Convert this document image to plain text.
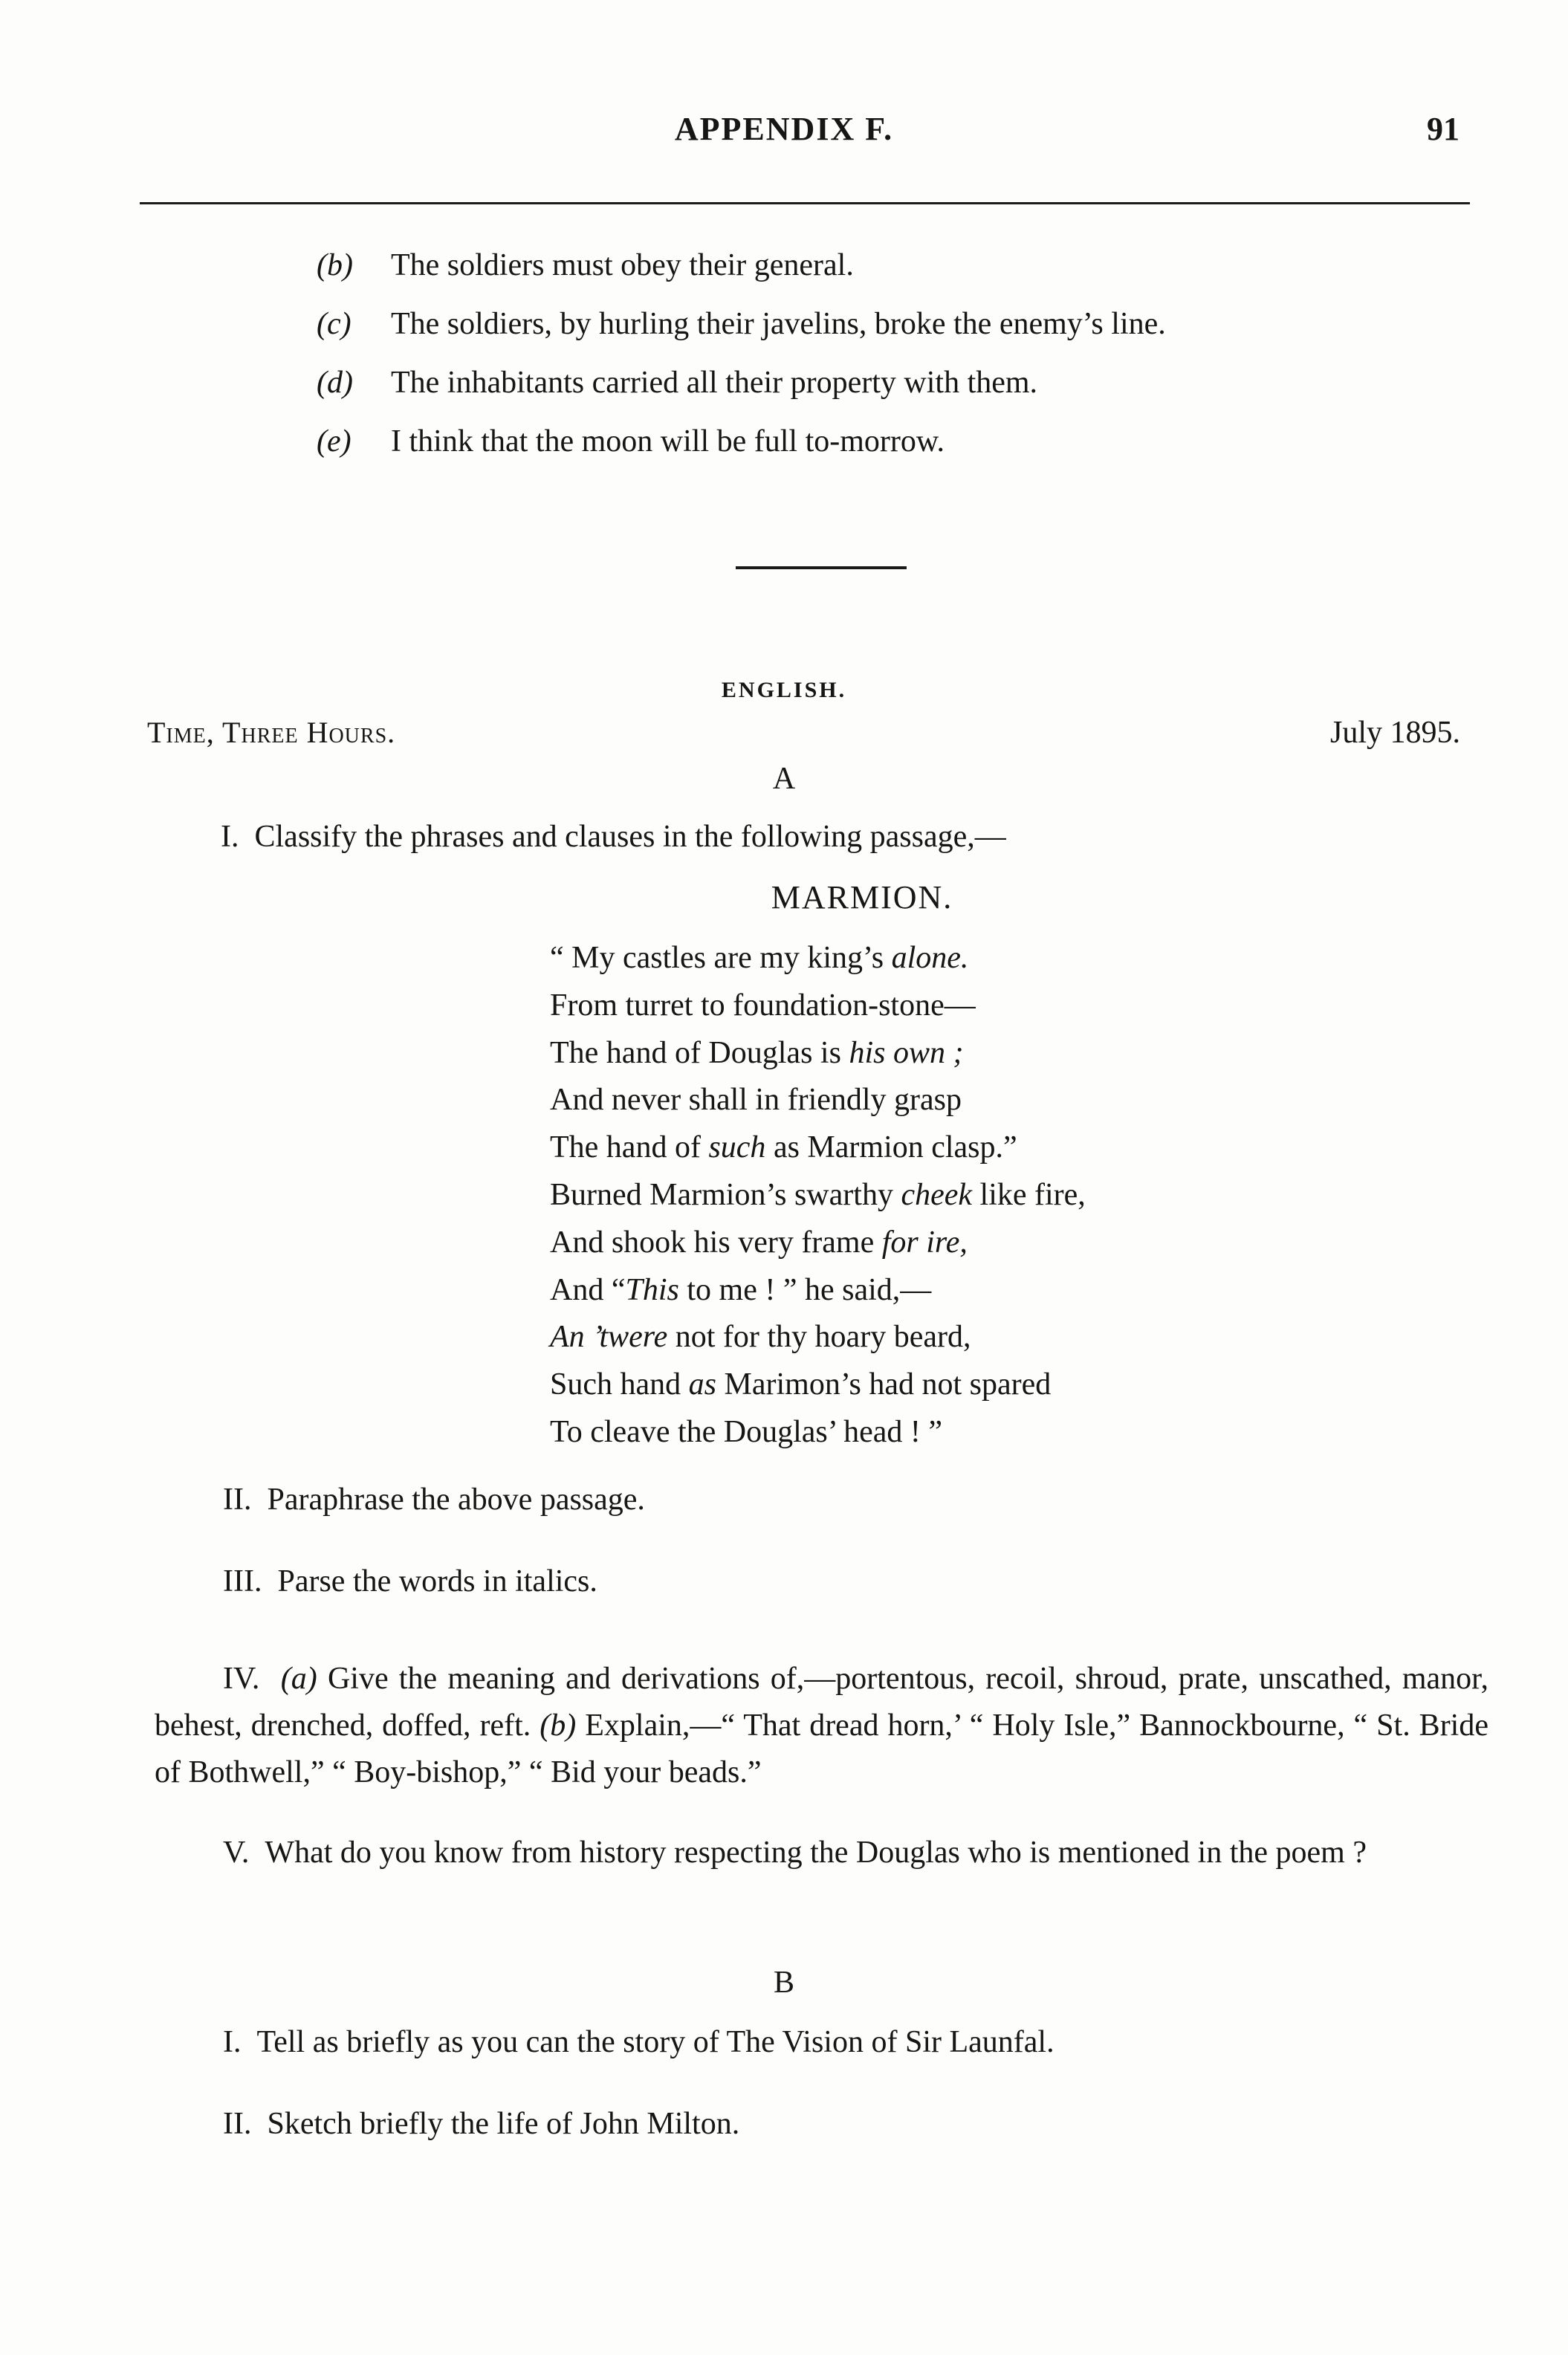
APPENDIX F.	91
(b) The soldiers must obey their general.
(c) The soldiers, by hurling their javelins, broke the enemy’s line.
(d) The inhabitants carried all their property with them.
(e) I think that the moon will be full to-morrow.
ENGLISH.
Time, Three Hours.	July 1895.
A
I. Classify the phrases and clauses in the following passage,—
MARMION.
“ My castles are my king’s alone.
From turret to foundation-stone—
The hand of Douglas is his own ;
And never shall in friendly grasp
The hand of such as Marmion clasp.”
Burned Marmion’s swarthy cheek like fire,
And shook his very frame for ire,
And “This to me ! ” he said,—
An ’twere not for thy hoary beard,
Such hand as Marimon’s had not spared
To cleave the Douglas’ head ! ”
II. Paraphrase the above passage.
III. Parse the words in italics.
IV. (a) Give the meaning and derivations of,—portentous, recoil, shroud, prate, unscathed, manor, behest, drenched, doffed, reft. (b) Explain,—“ That dread horn,’ “ Holy Isle,” Bannockbourne, “ St. Bride of Bothwell,” “ Boy-bishop,” “ Bid your beads.”
V. What do you know from history respecting the Douglas who is mentioned in the poem ?
B
I. Tell as briefly as you can the story of The Vision of Sir Launfal.
II. Sketch briefly the life of John Milton.
